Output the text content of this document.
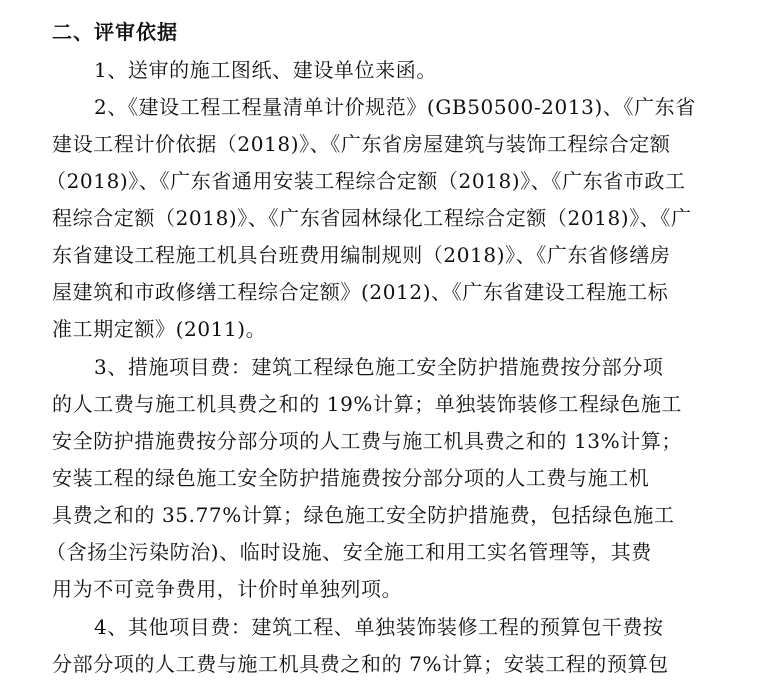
二、评审依据
1、送审的施工图纸、建设单位来函。
2、《建设工程工程量清单计价规范》(GB50500-2013)、《广东省
建设工程计价依据（2018)》、《广东省房屋建筑与装饰工程综合定额
（2018)》、《广东省通用安装工程综合定额（2018)》、《广东省市政工
程综合定额（2018)》、《广东省园林绿化工程综合定额（2018)》、《广
东省建设工程施工机具台班费用编制规则（2018)》、《广东省修缮房
屋建筑和市政修缮工程综合定额》(2012)、《广东省建设工程施工标
准工期定额》(2011)。
3、措施项目费：建筑工程绿色施工安全防护措施费按分部分项
的人工费与施工机具费之和的 19%计算；单独装饰装修工程绿色施工
安全防护措施费按分部分项的人工费与施工机具费之和的 13%计算；
安装工程的绿色施工安全防护措施费按分部分项的人工费与施工机
具费之和的 35.77%计算；绿色施工安全防护措施费，包括绿色施工
（含扬尘污染防治)、临时设施、安全施工和用工实名管理等，其费
用为不可竞争费用，计价时单独列项。
4、其他项目费：建筑工程、单独装饰装修工程的预算包干费按
分部分项的人工费与施工机具费之和的 7%计算；安装工程的预算包
